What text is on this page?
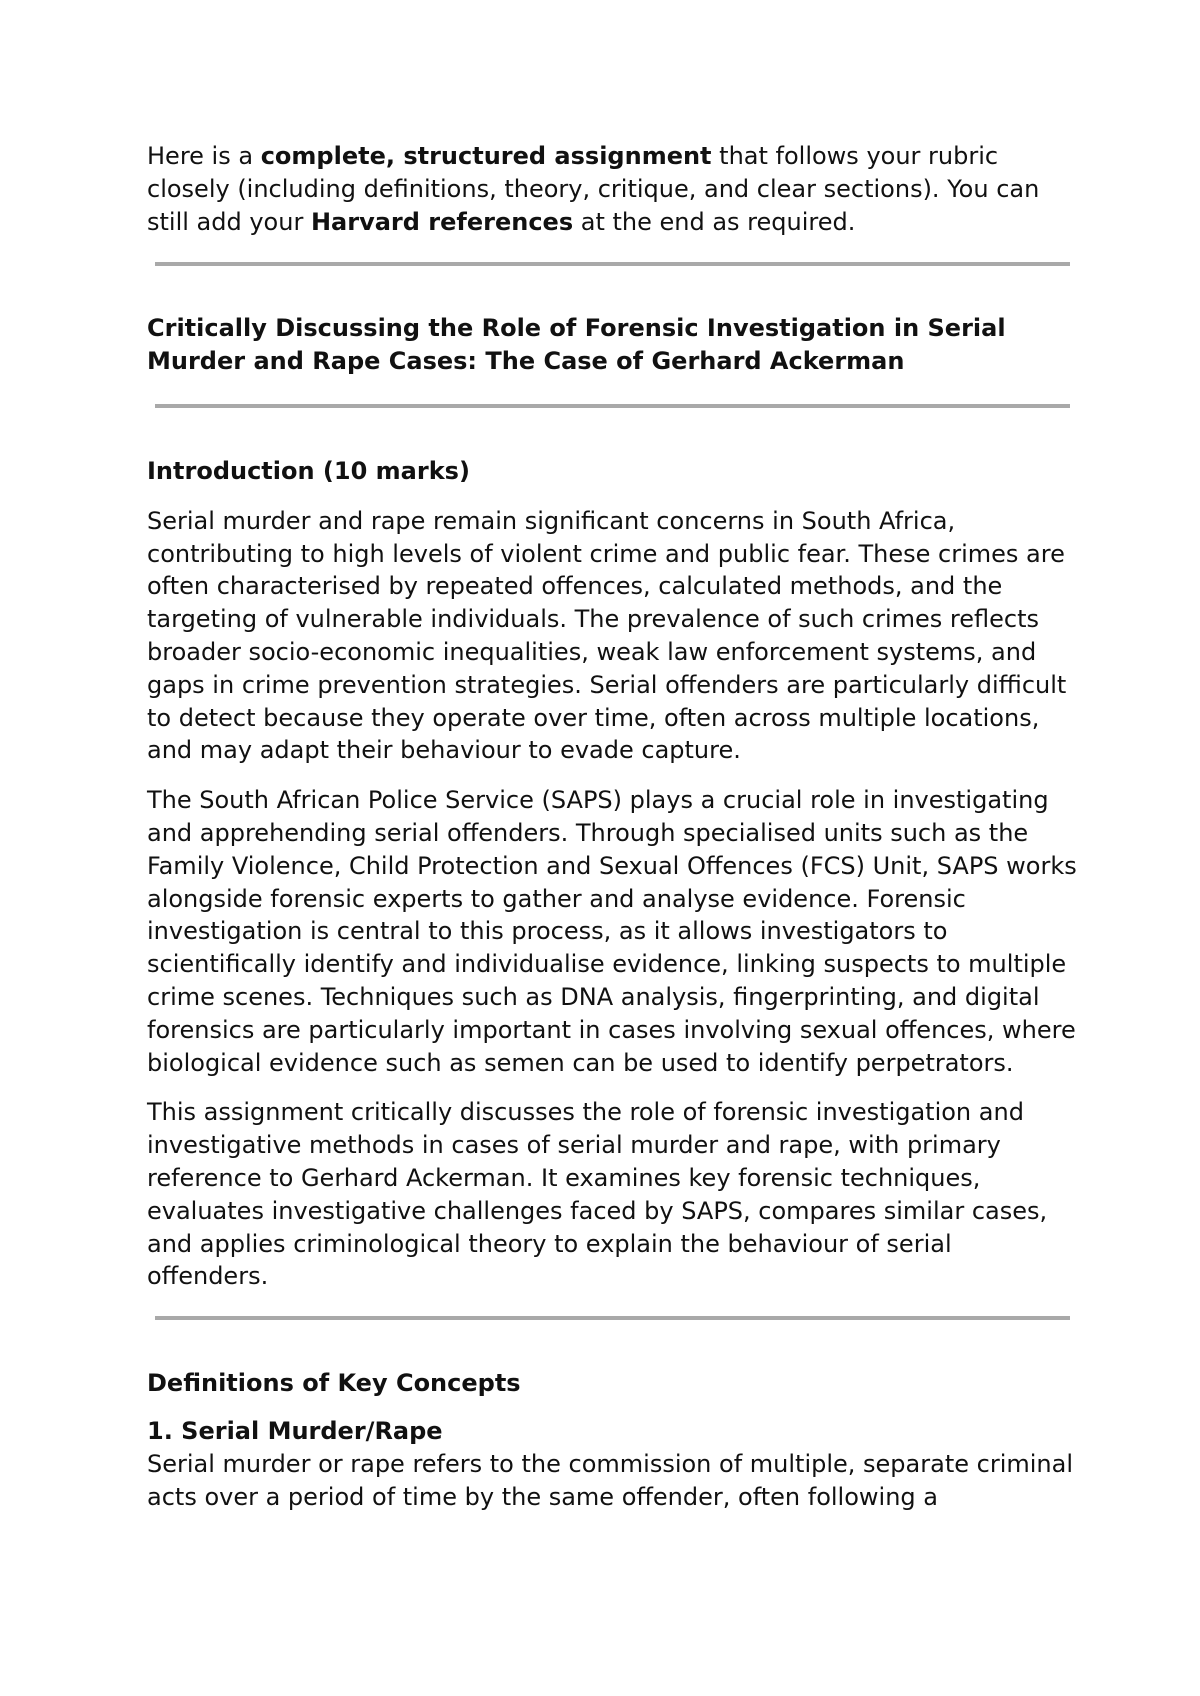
Here is a complete, structured assignment that follows your rubric closely (including definitions, theory, critique, and clear sections). You can still add your Harvard references at the end as required.

Critically Discussing the Role of Forensic Investigation in Serial Murder and Rape Cases: The Case of Gerhard Ackerman

Introduction (10 marks)

Serial murder and rape remain significant concerns in South Africa, contributing to high levels of violent crime and public fear. These crimes are often characterised by repeated offences, calculated methods, and the targeting of vulnerable individuals. The prevalence of such crimes reflects broader socio-economic inequalities, weak law enforcement systems, and gaps in crime prevention strategies. Serial offenders are particularly difficult to detect because they operate over time, often across multiple locations, and may adapt their behaviour to evade capture.

The South African Police Service (SAPS) plays a crucial role in investigating and apprehending serial offenders. Through specialised units such as the Family Violence, Child Protection and Sexual Offences (FCS) Unit, SAPS works alongside forensic experts to gather and analyse evidence. Forensic investigation is central to this process, as it allows investigators to scientifically identify and individualise evidence, linking suspects to multiple crime scenes. Techniques such as DNA analysis, fingerprinting, and digital forensics are particularly important in cases involving sexual offences, where biological evidence such as semen can be used to identify perpetrators.

This assignment critically discusses the role of forensic investigation and investigative methods in cases of serial murder and rape, with primary reference to Gerhard Ackerman. It examines key forensic techniques, evaluates investigative challenges faced by SAPS, compares similar cases, and applies criminological theory to explain the behaviour of serial offenders.

Definitions of Key Concepts

1. Serial Murder/Rape

Serial murder or rape refers to the commission of multiple, separate criminal acts over a period of time by the same offender, often following a
